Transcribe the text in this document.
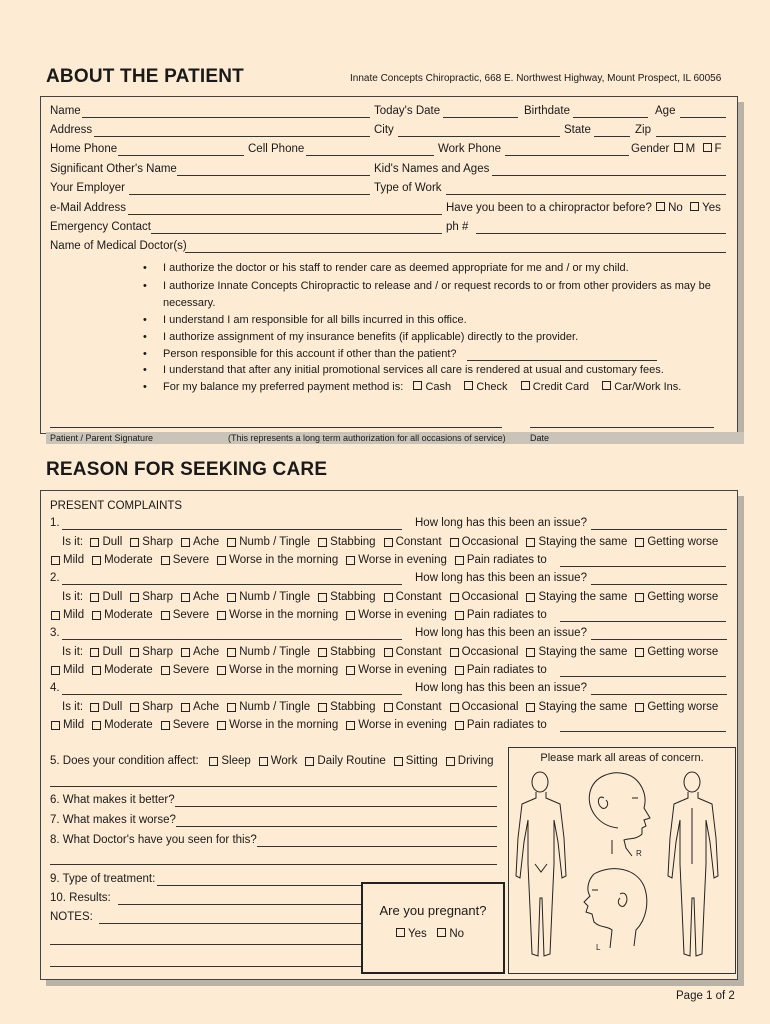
ABOUT THE PATIENT	Innate Concepts Chiropractic, 668 E. Northwest Highway, Mount Prospect, IL 60056
Name	Today's Date	Birthdate	Age
Address	City	State	Zip
Home Phone	Cell Phone	Work Phone	Gender M F
Significant Other's Name	Kid's Names and Ages
Your Employer	Type of Work
e-Mail Address	Have you been to a chiropractor before? No Yes
Emergency Contact	ph #
Name of Medical Doctor(s)
• I authorize the doctor or his staff to render care as deemed appropriate for me and / or my child.
• I authorize Innate Concepts Chiropractic to release and / or request records to or from other providers as may be
necessary.
• I understand I am responsible for all bills incurred in this office.
• I authorize assignment of my insurance benefits (if applicable) directly to the provider.
• Person responsible for this account if other than the patient?
• I understand that after any initial promotional services all care is rendered at usual and customary fees.
• For my balance my preferred payment method is: Cash Check Credit Card Car/Work Ins.
Patient / Parent Signature	(This represents a long term authorization for all occasions of service)	Date
REASON FOR SEEKING CARE
PRESENT COMPLAINTS
1.	How long has this been an issue?
Is it:
Dull Sharp Ache Numb / Tingle Stabbing Constant Occasional Staying the same Getting worse
Mild Moderate Severe Worse in the morning Worse in evening Pain radiates to
2.	How long has this been an issue?
Is it:
Dull Sharp Ache Numb / Tingle Stabbing Constant Occasional Staying the same Getting worse
Mild Moderate Severe Worse in the morning Worse in evening Pain radiates to
3.	How long has this been an issue?
Is it:
Dull Sharp Ache Numb / Tingle Stabbing Constant Occasional Staying the same Getting worse
Mild Moderate Severe Worse in the morning Worse in evening Pain radiates to
4.	How long has this been an issue?
Is it:
Dull Sharp Ache Numb / Tingle Stabbing Constant Occasional Staying the same Getting worse
Mild Moderate Severe Worse in the morning Worse in evening Pain radiates to
5. Does your condition affect:
Sleep Work Daily Routine Sitting Driving
6. What makes it better?
7. What makes it worse?
8. What Doctor's have you seen for this?
9. Type of treatment:
10. Results:
NOTES:	Are you pregnant?
Yes No
Please mark all areas of concern.
R
L
Page 1 of 2
